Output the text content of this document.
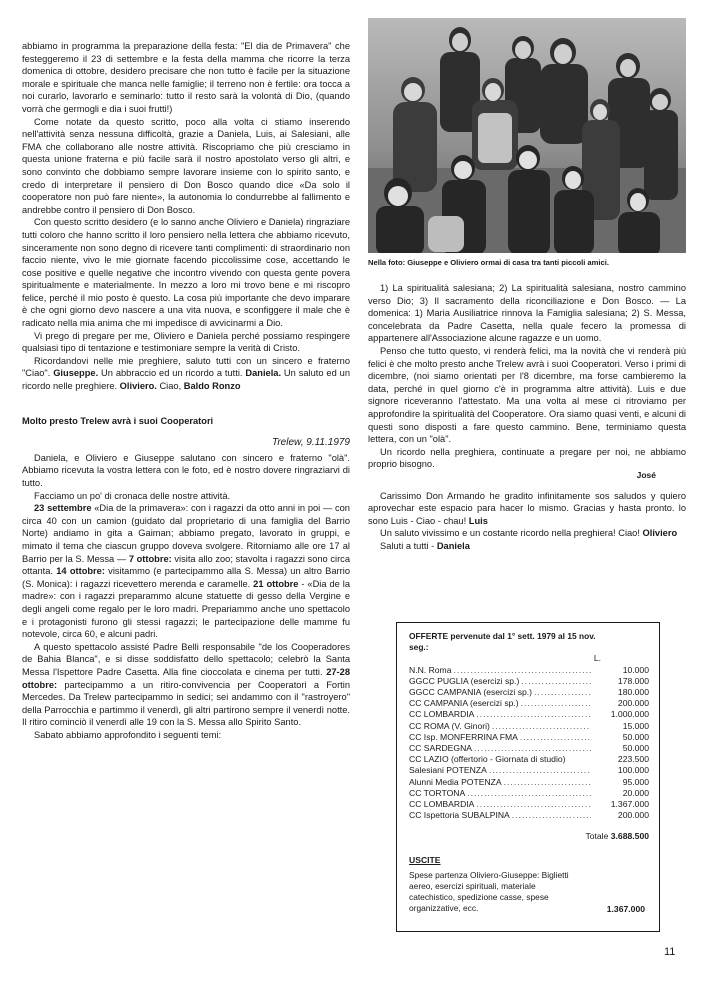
abbiamo in programma la preparazione della festa: "El dia de Primavera" che festeggeremo il 23 di settembre e la festa della mamma che ricorre la terza domenica di ottobre, desidero precisare che non tutto è facile per la situazione morale e spirituale che manca nelle famiglie; il terreno non è fertile: ora tocca a noi curarlo, lavorarlo e seminarlo: tutto il resto sarà la volontà di Dio, (quando vorrà che germogli e dia i suoi frutti!)

Come notate da questo scritto, poco alla volta ci stiamo inserendo nell'attività senza nessuna difficoltà, grazie a Daniela, Luis, ai Salesiani, alle FMA che collaborano alle nostre attività. Riscopriamo che più cresciamo in questa unione fraterna e più facile sarà il nostro apostolato verso gli altri, e sono convinto che dobbiamo sempre lavorare insieme con lo spirito santo, e credo di interpretare il pensiero di Don Bosco quando dice «Da solo il cooperatore non può fare niente», la autonomia lo condurrebbe al fallimento e andrebbe contro il pensiero di Don Bosco.

Con questo scritto desidero (e lo sanno anche Oliviero e Daniela) ringraziare tutti coloro che hanno scritto il loro pensiero nella lettera che abbiamo ricevuto, sinceramente non sono degno di ricevere tanti complimenti: di straordinario non faccio niente, vivo le mie giornate facendo piccolissime cose, accettando le cose positive e quelle negative che incontro vivendo con questa gente povera spiritualmente e materialmente. In mezzo a loro mi trovo bene e mi riscopro felice, perché il mio posto è questo. La cosa più importante che devo imparare è che ogni giorno devo nascere a una vita nuova, e sconfiggere il male che è radicato nella mia anima che mi impedisce di avvicinarmi a Dio.

Vi prego di pregare per me, Oliviero e Daniela perché possiamo respingere qualsiasi tipo di tentazione e testimoniare sempre la verità di Cristo.

Ricordandovi nelle mie preghiere, saluto tutti con un sincero e fraterno "Ciao". Giuseppe. Un abbraccio ed un ricordo a tutti. Daniela. Un saluto ed un ricordo nelle preghiere. Oliviero. Ciao, Baldo Ronzo

Molto presto Trelew avrà i suoi Cooperatori
Trelew, 9.11.1979

Daniela, e Oliviero e Giuseppe salutano con sincero e fraterno "olà". Abbiamo ricevuta la vostra lettera con le foto, ed è nostro dovere ringraziarvi di tutto.

Facciamo un po' di cronaca delle nostre attività.

23 settembre «Dia de la primavera»: con i ragazzi da otto anni in poi — con circa 40 con un camion (guidato dal proprietario di una famiglia del Barrio Norte) andiamo in gita a Gaiman; abbiamo pregato, lavorato in gruppi, e mimato il tema che ciascun gruppo doveva svolgere. Ritorniamo alle ore 17 al Barrio per la S. Messa — 7 ottobre: visita allo zoo; stavolta i ragazzi sono circa ottanta. 14 ottobre: visitammo (e partecipammo alla S. Messa) un altro Barrio (S. Monica): i ragazzi ricevettero merenda e caramelle. 21 ottobre - «Dia de la madre»: con i ragazzi preparammo alcune statuette di gesso della Vergine e degli angeli come regalo per le loro madri. Prepariammo anche uno spettacolo e i protagonisti furono gli stessi ragazzi; le partecipazione delle mamme fu notevole, circa 60, e alcuni padri.

A questo spettacolo assisté Padre Belli responsabile "de los Cooperadores de Bahia Blanca", e si disse soddisfatto dello spettacolo; celebrò la Santa Messa l'Ispettore Padre Casetta. Alla fine cioccolata e cinema per tutti. 27-28 ottobre: partecipammo a un ritiro-convivencia per Cooperatori a Fortin Mercedes. Da Trelew partecipammo in sedici; sei andammo con il "rastroyero" della Parrocchia e partimmo il venerdì, gli altri partirono sempre il venerdì notte. Il ritiro cominciò il venerdì alle 19 con la S. Messa allo Spirito Santo.

Sabato abbiamo approfondito i seguenti temi:

Nella foto: Giuseppe e Oliviero ormai di casa tra tanti piccoli amici.

1) La spiritualità salesiana; 2) La spiritualità salesiana, nostro cammino verso Dio; 3) Il sacramento della riconciliazione e Don Bosco. — La domenica: 1) Maria Ausiliatrice rinnova la Famiglia salesiana; 2) S. Messa, concelebrata da Padre Casetta, nella quale fecero la promessa di appartenere all'Associazione alcune ragazze e un uomo.

Penso che tutto questo, vi renderà felici, ma la novità che vi renderà più felici è che molto presto anche Trelew avrà i suoi Cooperatori. Verso i primi di dicembre, (noi siamo orientati per l'8 dicembre, ma forse cambieremo la data, perché in quel giorno c'è in programma altre attività). Luis e due signore riceveranno l'attestato. Ma una volta al mese ci ritroviamo per approfondire la spiritualità del Cooperatore. Ora siamo quasi venti, e alcuni di questi sono disposti a fare questo cammino. Bene, terminiamo questa lettera, con un "olà".

Un ricordo nella preghiera, continuate a pregare per noi, ne abbiamo proprio bisogno.

José

Carissimo Don Armando he gradito infinitamente sos saludos y quiero aprovechar este espacio para hacer lo mismo. Gracias y hasta pronto. lo sono Luis - Ciao - chau! Luis

Un saluto vivissimo e un costante ricordo nella preghiera! Ciao! Oliviero

Saluti a tutti - Daniela

OFFERTE pervenute dal 1° sett. 1979 al 15 nov.
seg.:
L.
N.N. Roma .....	10.000
GGCC PUGLIA (esercizi sp.) .....	178.000
GGCC CAMPANIA (esercizi sp.) .....	180.000
CC CAMPANIA (esercizi sp.) .....	200.000
CC LOMBARDIA .....	1.000.000
CC ROMA (V. Ginori) .....	15.000
CC Isp. MONFERRINA FMA .....	50.000
CC SARDEGNA .....	50.000
CC LAZIO (offertorio - Giornata di studio)	223.500
Salesiani POTENZA .....	100.000
Alunni Media POTENZA .....	95.000
CC TORTONA .....	20.000
CC LOMBARDIA .....	1.367.000
CC Ispettoria SUBALPINA .....	200.000
Totale 3.688.500
USCITE
Spese partenza Oliviero-Giuseppe: Biglietti aereo, esercizi spirituali, materiale catechistico, spedizione casse, spese organizzative, ecc.	1.367.000
11
